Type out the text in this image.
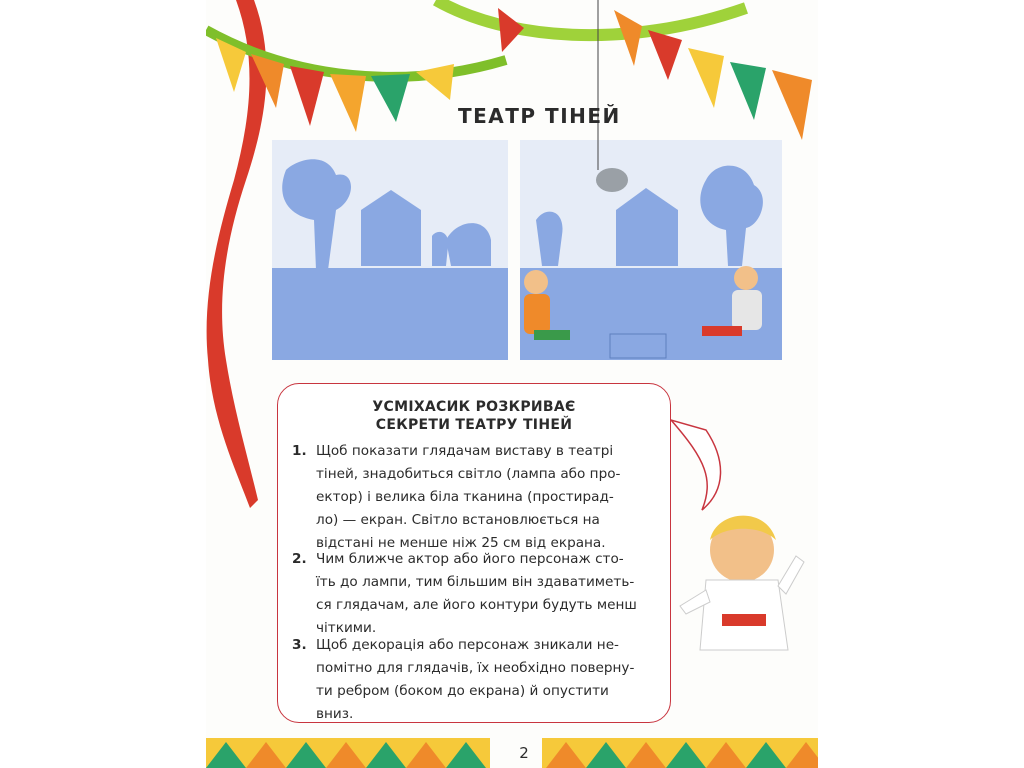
ТЕАТР ТІНЕЙ
УСМІХАСИК РОЗКРИВАЄ
СЕКРЕТИ ТЕАТРУ ТІНЕЙ
1. Щоб показати глядачам виставу в театрі
тіней, знадобиться світло (лампа або про-
ектор) і велика біла тканина (простирад-
ло) — екран. Світло встановлюється на
відстані не менше ніж 25 см від екрана.
2. Чим ближче актор або його персонаж сто-
їть до лампи, тим більшим він здаватиметь-
ся глядачам, але його контури будуть менш
чіткими.
3. Щоб декорація або персонаж зникали не-
помітно для глядачів, їх необхідно поверну-
ти ребром (боком до екрана) й опустити
вниз.
2
